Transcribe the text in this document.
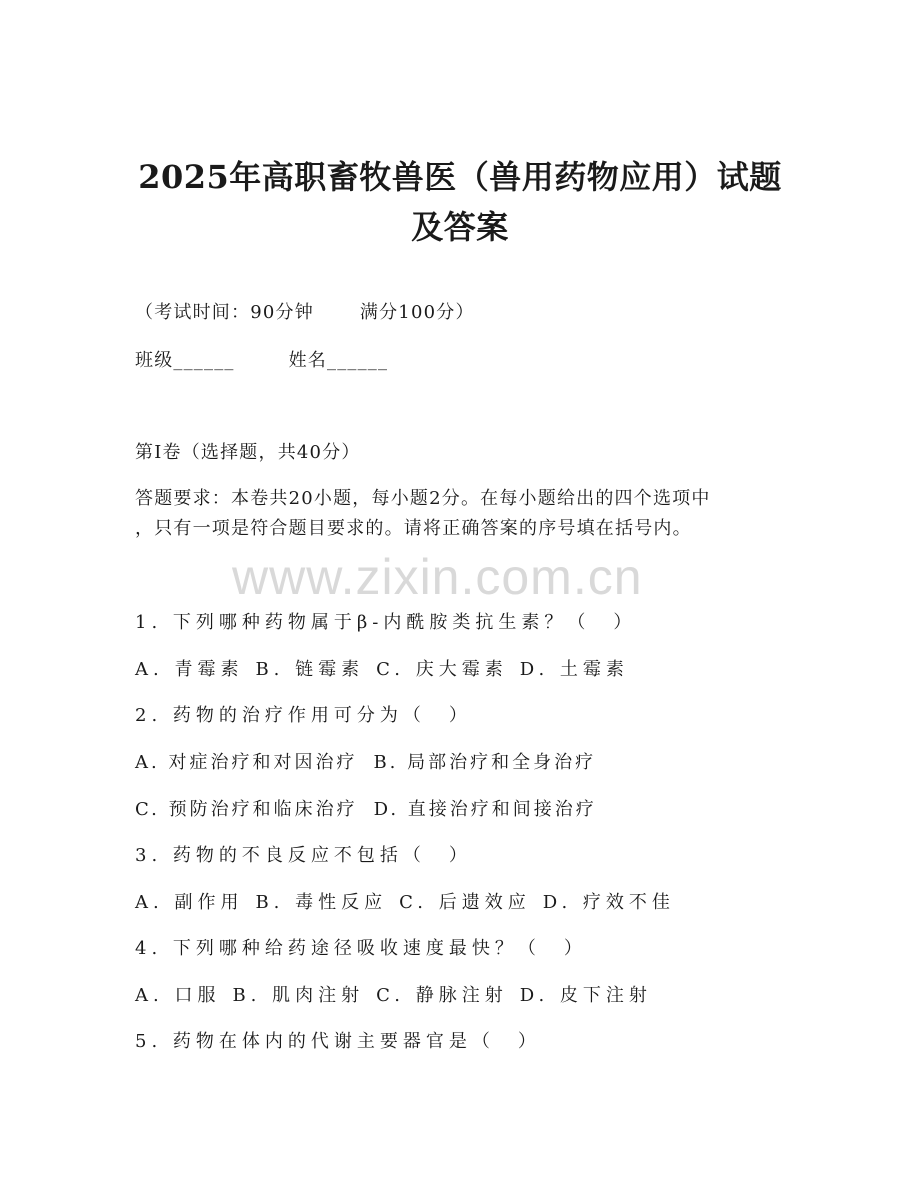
2025年高职畜牧兽医（兽用药物应用）试题
及答案
（考试时间：90分钟	满分100分）
班级______	姓名______
第Ⅰ卷（选择题，共40分）
答题要求：本卷共20小题，每小题2分。在每小题给出的四个选项中
，只有一项是符合题目要求的。请将正确答案的序号填在括号内。
www.zixin.com.cn
1. 下列哪种药物属于β-内酰胺类抗生素？（　）
A. 青霉素 B. 链霉素 C. 庆大霉素 D. 土霉素
2. 药物的治疗作用可分为（　）
A. 对症治疗和对因治疗 B. 局部治疗和全身治疗
C. 预防治疗和临床治疗 D. 直接治疗和间接治疗
3. 药物的不良反应不包括（　）
A. 副作用 B. 毒性反应 C. 后遗效应 D. 疗效不佳
4. 下列哪种给药途径吸收速度最快？（　）
A. 口服 B. 肌肉注射 C. 静脉注射 D. 皮下注射
5. 药物在体内的代谢主要器官是（　）
